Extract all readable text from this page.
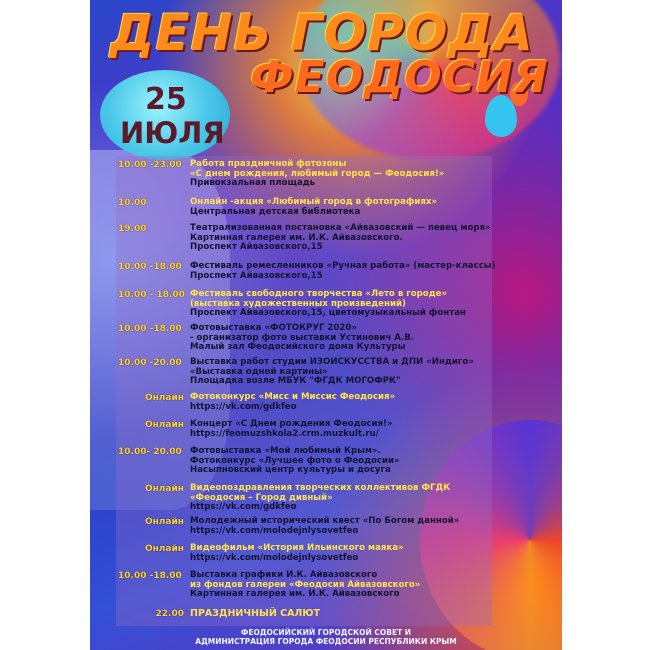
ДЕНЬ ГОРОДА
ФЕОДОСИЯ
25
ИЮЛЯ
10.00 -23.00 Работа праздничной фотозоны
«С днем рождения, любимый город — Феодосия!»
Привокзальная площадь
10.00	Онлайн -акция «Любимый город в фотографиях»
Центральная детская библиотека
19.00	Театрализованная постановка «Айвазовский — певец моря»
Картинная галерея им. И.К. Айвазовского.
Проспект Айвазовского,15
10.00 -18.00 Фестиваль ремесленников «Ручная работа» (мастер-классы)
Проспект Айвазовского,15
10.00 - 18.00 Фестиваль свободного творчества «Лето в городе»
(выставка художественных произведений)
Проспект Айвазовского,15, цветомузыкальный фонтан
10.00 -18.00 Фотовыставка «ФОТОКРУГ 2020»
- организатор фото выставки Устинович А.В.
Малый зал Феодосийского дома Культуры
10.00 -20.00 Выставка работ студии ИЗОИСКУССТВА и ДПИ «Индиго»
«Выставка одной картины»
Площадка возле МБУК "ФГДК МОГОФРК"
Онлайн Фотоконкурс «Мисс и Миссис Феодосия»
https://vk.com/gdkfeo
Онлайн Концерт «С Днем рождения Феодосия!»
https://feomuzshkola2.crm.muzkult.ru/
10.00- 20.00 Фотовыставка «Мой любимый Крым».
Фотоконкурс «Лучшее фото о Феодосии»
Насыпновский центр культуры и досуга
Онлайн Видеопоздравления творческих коллективов ФГДК
«Феодосия – Город дивный»
https://vk.com/gdkfeo
Онлайн Молодежный исторический квест «По Богом данной»
https://vk.com/molodejnlysovetfeo
Онлайн Видеофильм «История Ильинского маяка»
https://vk.com/molodejnlysovetfeo
10.00 -18.00 Выставка графики И.К. Айвазовского
из фондов галереи «Феодосия Айвазовского»
Картинная галерея им. И.К. Айвазовского
22.00 ПРАЗДНИЧНЫЙ САЛЮТ
ФЕОДОСИЙСКИЙ ГОРОДСКОЙ СОВЕТ И
АДМИНИСТРАЦИЯ ГОРОДА ФЕОДОСИИ РЕСПУБЛИКИ КРЫМ
